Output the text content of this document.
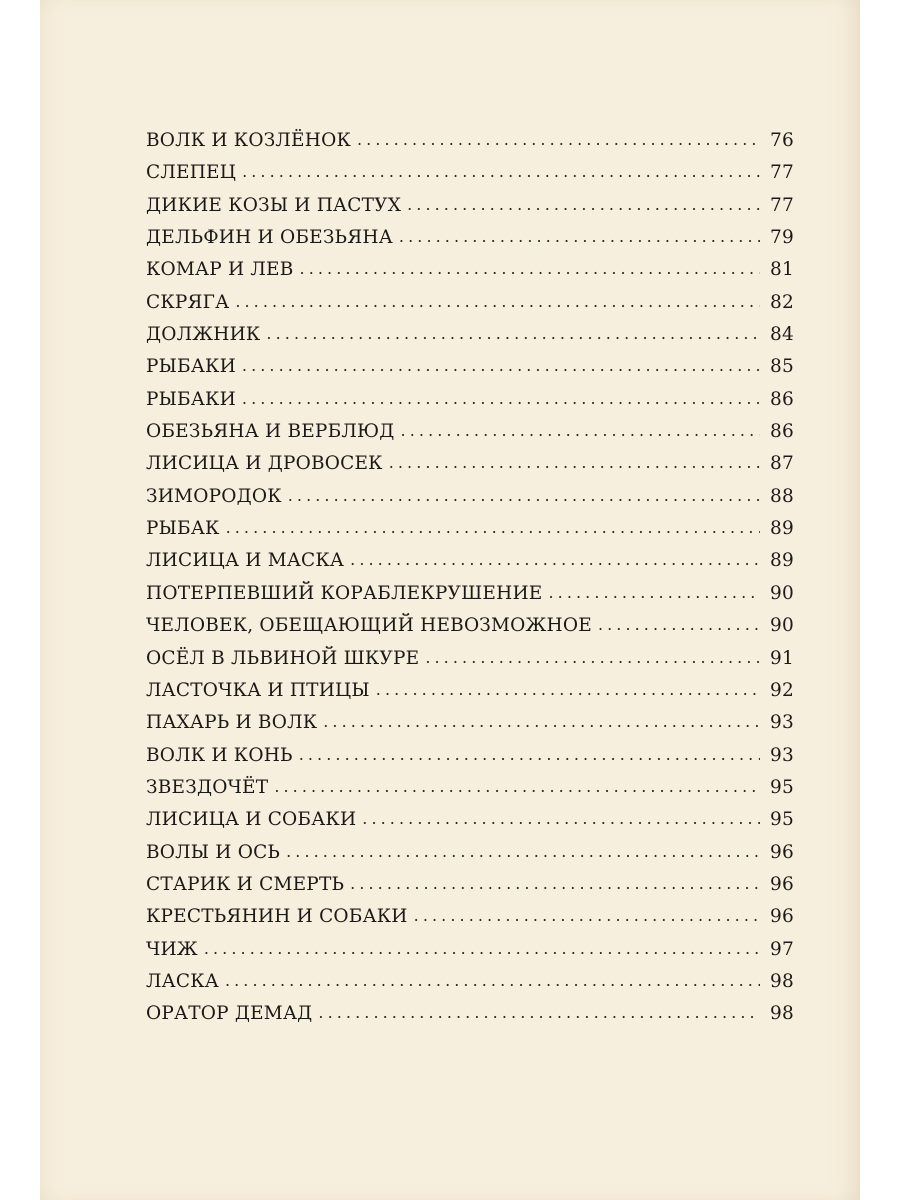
ВОЛК И КОЗЛЁНОК . . .	76
СЛЕПЕЦ . . .	77
ДИКИЕ КОЗЫ И ПАСТУХ . . .	77
ДЕЛЬФИН И ОБЕЗЬЯНА . . .	79
КОМАР И ЛЕВ . . .	81
СКРЯГА . . .	82
ДОЛЖНИК . . .	84
РЫБАКИ . . .	85
РЫБАКИ . . .	86
ОБЕЗЬЯНА И ВЕРБЛЮД . . .	86
ЛИСИЦА И ДРОВОСЕК . . .	87
ЗИМОРОДОК . . .	88
РЫБАК . . .	89
ЛИСИЦА И МАСКА . . .	89
ПОТЕРПЕВШИЙ КОРАБЛЕКРУШЕНИЕ . . .	90
ЧЕЛОВЕК, ОБЕЩАЮЩИЙ НЕВОЗМОЖНОЕ . . .	90
ОСЁЛ В ЛЬВИНОЙ ШКУРЕ . . .	91
ЛАСТОЧКА И ПТИЦЫ . . .	92
ПАХАРЬ И ВОЛК . . .	93
ВОЛК И КОНЬ . . .	93
ЗВЕЗДОЧЁТ . . .	95
ЛИСИЦА И СОБАКИ . . .	95
ВОЛЫ И ОСЬ . . .	96
СТАРИК И СМЕРТЬ . . .	96
КРЕСТЬЯНИН И СОБАКИ . . .	96
ЧИЖ . . .	97
ЛАСКА . . .	98
ОРАТОР ДЕМАД . . .	98
